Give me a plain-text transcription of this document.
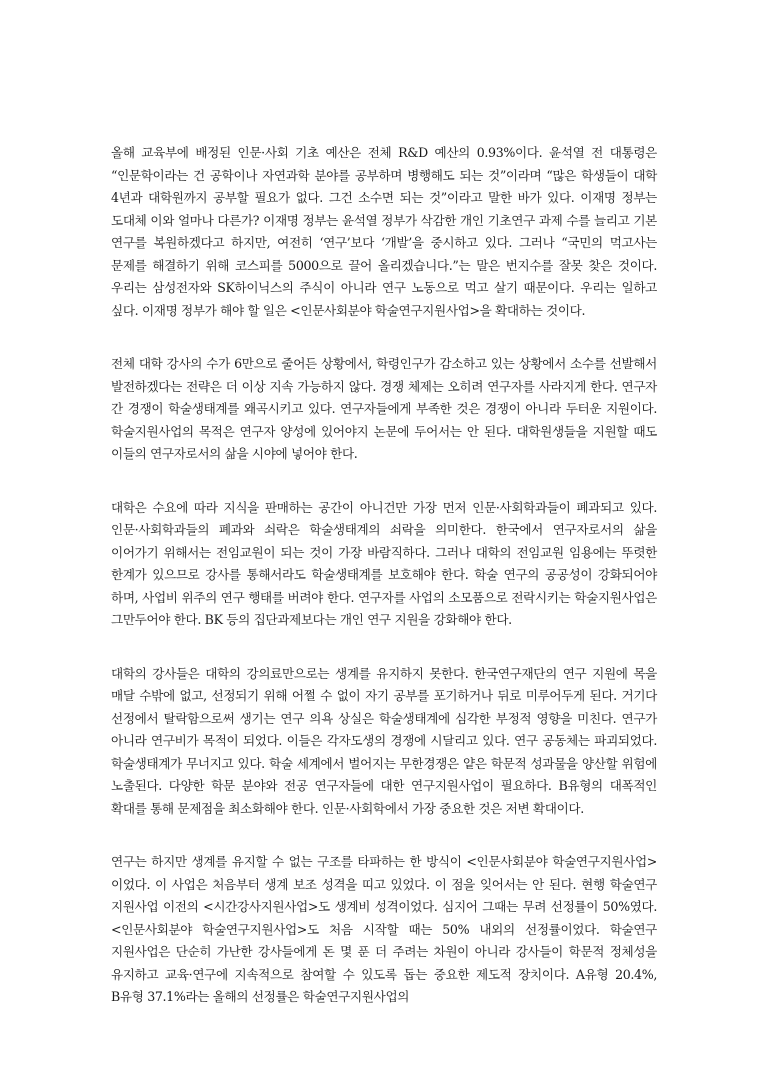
올해 교육부에 배정된 인문·사회 기초 예산은 전체 R&D 예산의 0.93%이다. 윤석열 전 대통령은 “인문학이라는 건 공학이나 자연과학 분야를 공부하며 병행해도 되는 것”이라며 “많은 학생들이 대학 4년과 대학원까지 공부할 필요가 없다. 그건 소수면 되는 것”이라고 말한 바가 있다. 이재명 정부는 도대체 이와 얼마나 다른가? 이재명 정부는 윤석열 정부가 삭감한 개인 기초연구 과제 수를 늘리고 기본 연구를 복원하겠다고 하지만, 여전히 ‘연구’보다 ‘개발’을 중시하고 있다. 그러나 “국민의 먹고사는 문제를 해결하기 위해 코스피를 5000으로 끌어 올리겠습니다.”는 말은 번지수를 잘못 찾은 것이다. 우리는 삼성전자와 SK하이닉스의 주식이 아니라 연구 노동으로 먹고 살기 때문이다. 우리는 일하고 싶다. 이재명 정부가 해야 할 일은 <인문사회분야 학술연구지원사업>을 확대하는 것이다.

전체 대학 강사의 수가 6만으로 줄어든 상황에서, 학령인구가 감소하고 있는 상황에서 소수를 선발해서 발전하겠다는 전략은 더 이상 지속 가능하지 않다. 경쟁 체제는 오히려 연구자를 사라지게 한다. 연구자 간 경쟁이 학술생태계를 왜곡시키고 있다. 연구자들에게 부족한 것은 경쟁이 아니라 두터운 지원이다. 학술지원사업의 목적은 연구자 양성에 있어야지 논문에 두어서는 안 된다. 대학원생들을 지원할 때도 이들의 연구자로서의 삶을 시야에 넣어야 한다.

대학은 수요에 따라 지식을 판매하는 공간이 아니건만 가장 먼저 인문·사회학과들이 폐과되고 있다. 인문·사회학과들의 폐과와 쇠락은 학술생태계의 쇠락을 의미한다. 한국에서 연구자로서의 삶을 이어가기 위해서는 전임교원이 되는 것이 가장 바람직하다. 그러나 대학의 전임교원 임용에는 뚜렷한 한계가 있으므로 강사를 통해서라도 학술생태계를 보호해야 한다. 학술 연구의 공공성이 강화되어야 하며, 사업비 위주의 연구 행태를 버려야 한다. 연구자를 사업의 소모품으로 전락시키는 학술지원사업은 그만두어야 한다. BK 등의 집단과제보다는 개인 연구 지원을 강화해야 한다.

대학의 강사들은 대학의 강의료만으로는 생계를 유지하지 못한다. 한국연구재단의 연구 지원에 목을 매달 수밖에 없고, 선정되기 위해 어쩔 수 없이 자기 공부를 포기하거나 뒤로 미루어두게 된다. 거기다 선정에서 탈락함으로써 생기는 연구 의욕 상실은 학술생태계에 심각한 부정적 영향을 미친다. 연구가 아니라 연구비가 목적이 되었다. 이들은 각자도생의 경쟁에 시달리고 있다. 연구 공동체는 파괴되었다. 학술생태계가 무너지고 있다. 학술 세계에서 벌어지는 무한경쟁은 얕은 학문적 성과물을 양산할 위험에 노출된다. 다양한 학문 분야와 전공 연구자들에 대한 연구지원사업이 필요하다. B유형의 대폭적인 확대를 통해 문제점을 최소화해야 한다. 인문·사회학에서 가장 중요한 것은 저변 확대이다.

연구는 하지만 생계를 유지할 수 없는 구조를 타파하는 한 방식이 <인문사회분야 학술연구지원사업>이었다. 이 사업은 처음부터 생계 보조 성격을 띠고 있었다. 이 점을 잊어서는 안 된다. 현행 학술연구 지원사업 이전의 <시간강사지원사업>도 생계비 성격이었다. 심지어 그때는 무려 선정률이 50%였다. <인문사회분야 학술연구지원사업>도 처음 시작할 때는 50% 내외의 선정률이었다. 학술연구 지원사업은 단순히 가난한 강사들에게 돈 몇 푼 더 주려는 차원이 아니라 강사들이 학문적 정체성을 유지하고 교육·연구에 지속적으로 참여할 수 있도록 돕는 중요한 제도적 장치이다. A유형 20.4%, B유형 37.1%라는 올해의 선정률은 학술연구지원사업의
